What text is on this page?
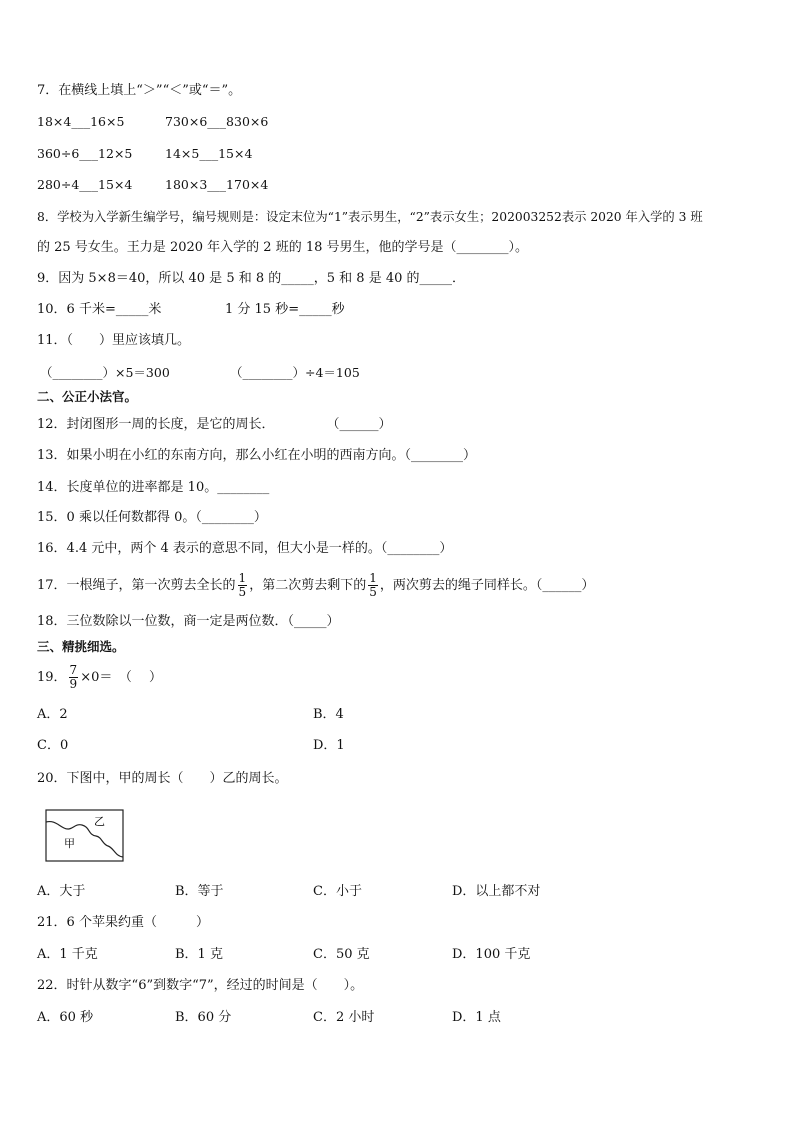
7．在横线上填上“＞”“＜”或“＝”。
18×4___16×5	730×6___830×6
360÷6___12×5	14×5___15×4
280÷4___15×4	180×3___170×4
8．学校为入学新生编学号，编号规则是：设定末位为“1”表示男生，“2”表示女生；202003252表示 2020 年入学的 3 班
的 25 号女生。王力是 2020 年入学的 2 班的 18 号男生，他的学号是（________）。
9．因为 5×8＝40，所以 40 是 5 和 8 的_____，5 和 8 是 40 的_____．
10．6 千米=_____米	1 分 15 秒=_____秒
11．（　　）里应该填几。
（________）×5＝300	（________）÷4＝105
二、公正小法官。
12．封闭图形一周的长度，是它的周长．　　　　　（______）
13．如果小明在小红的东南方向，那么小红在小明的西南方向。（________）
14．长度单位的进率都是 10。________
15．0 乘以任何数都得 0。（________）
16．4.4 元中，两个 4 表示的意思不同，但大小是一样的。（________）
17．一根绳子，第一次剪去全长的 $\frac{1}{5}$ ，第二次剪去剩下的 $\frac{1}{5}$ ，两次剪去的绳子同样长。（______）
18．三位数除以一位数，商一定是两位数．（_____）
三、精挑细选。
19． $\frac{7}{9} \times 0=$　（　 ）
A．2	B．4
C．0	D．1
20．下图中，甲的周长（　　）乙的周长。
甲
乙
A．大于	B．等于	C．小于	D．以上都不对
21．6 个苹果约重（　　　）
A．1 千克	B．1 克	C．50 克	D．100 千克
22．时针从数字“6”到数字“7”，经过的时间是（　　）。
A．60 秒	B．60 分	C．2 小时	D．1 点
